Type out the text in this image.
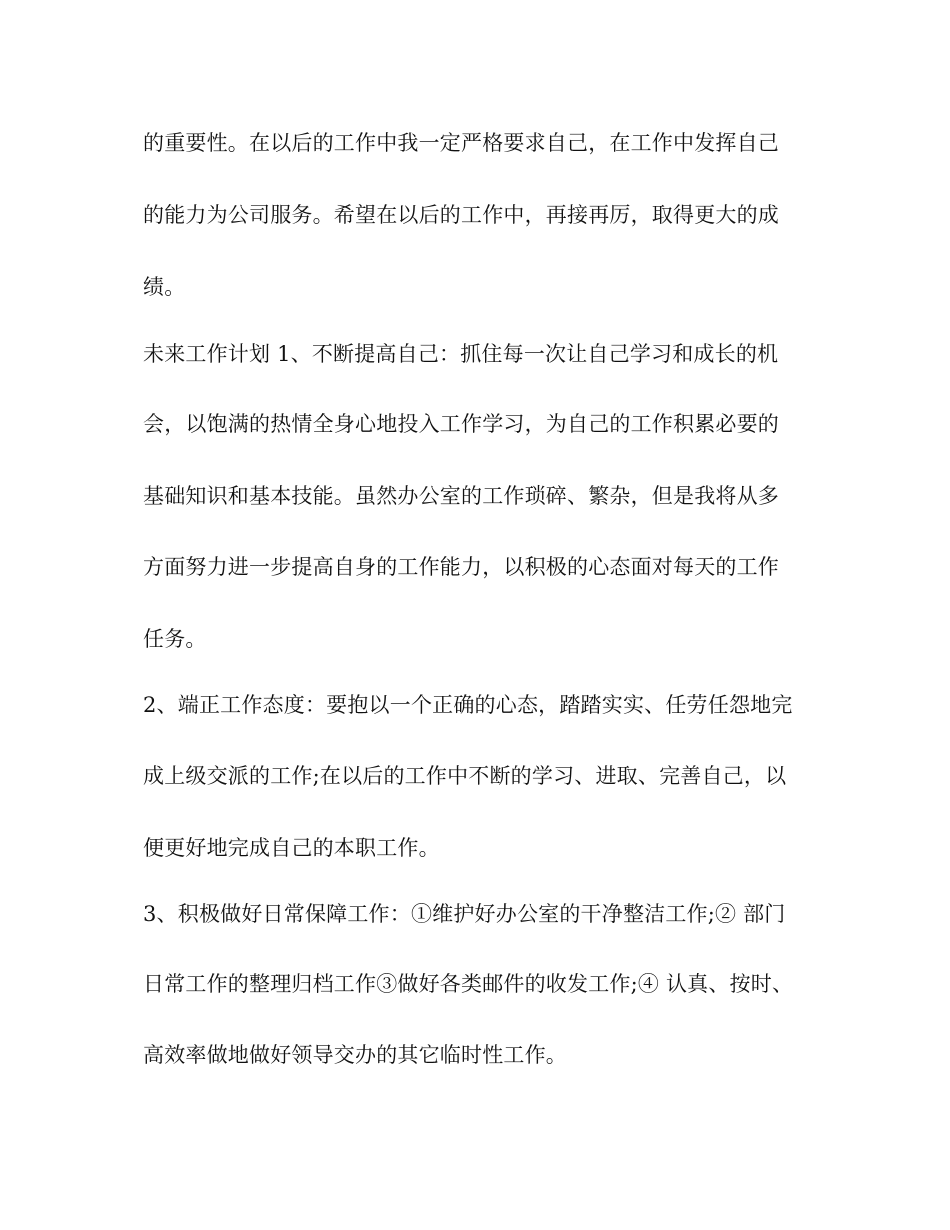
的重要性。在以后的工作中我一定严格要求自己，在工作中发挥自己
的能力为公司服务。希望在以后的工作中，再接再厉，取得更大的成
绩。
未来工作计划 1、不断提高自己：抓住每一次让自己学习和成长的机
会，以饱满的热情全身心地投入工作学习，为自己的工作积累必要的
基础知识和基本技能。虽然办公室的工作琐碎、繁杂，但是我将从多
方面努力进一步提高自身的工作能力，以积极的心态面对每天的工作
任务。
2、端正工作态度：要抱以一个正确的心态，踏踏实实、任劳任怨地完
成上级交派的工作;在以后的工作中不断的学习、进取、完善自己，以
便更好地完成自己的本职工作。
3、积极做好日常保障工作：①维护好办公室的干净整洁工作;② 部门
日常工作的整理归档工作③做好各类邮件的收发工作;④ 认真、按时、
高效率做地做好领导交办的其它临时性工作。
